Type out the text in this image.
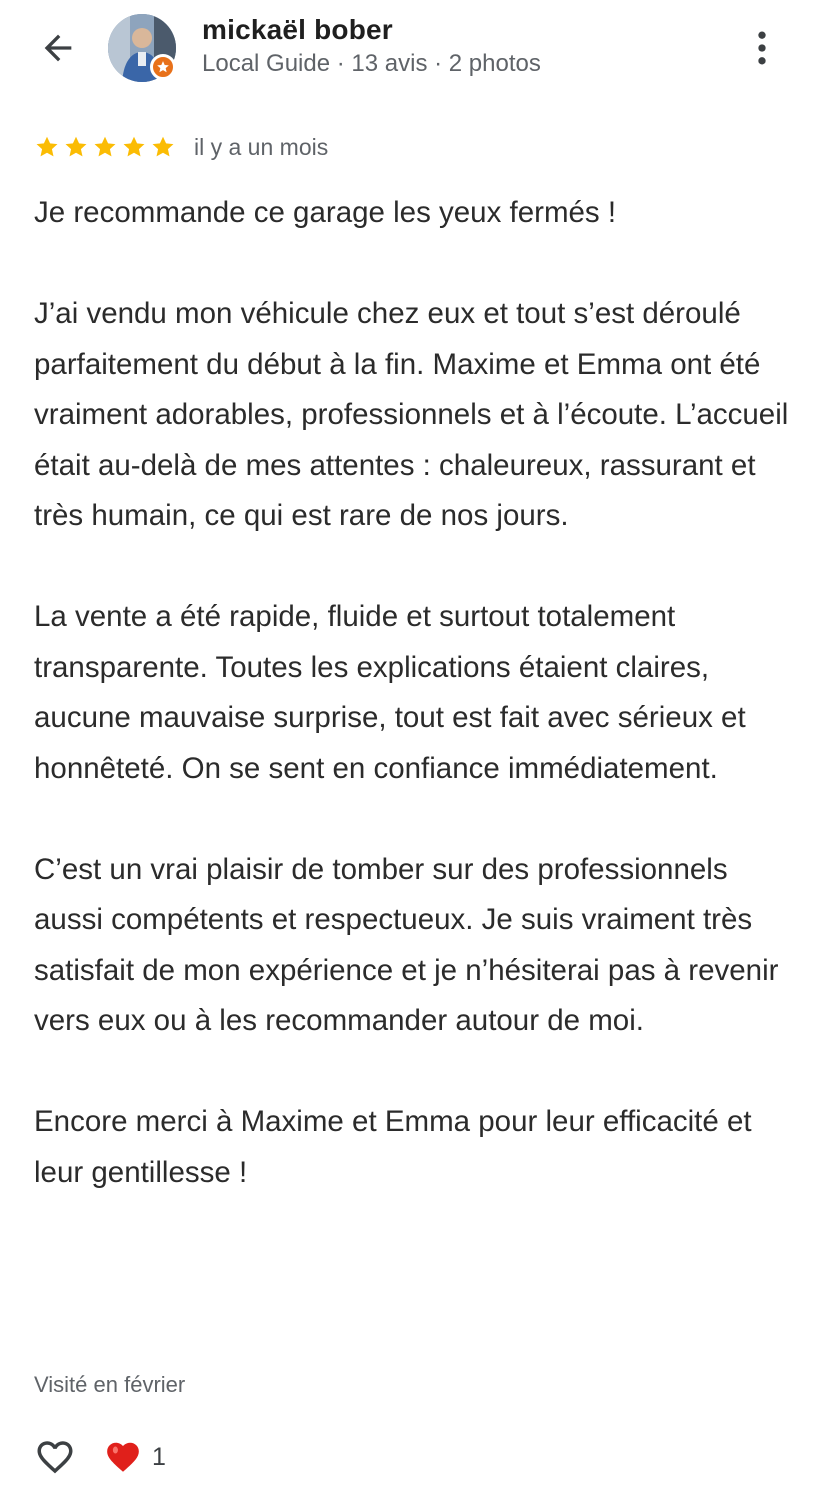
mickaël bober
Local Guide · 13 avis · 2 photos
il y a un mois

Je recommande ce garage les yeux fermés !

J’ai vendu mon véhicule chez eux et tout s’est déroulé parfaitement du début à la fin. Maxime et Emma ont été vraiment adorables, professionnels et à l’écoute. L’accueil était au-delà de mes attentes : chaleureux, rassurant et très humain, ce qui est rare de nos jours.

La vente a été rapide, fluide et surtout totalement transparente. Toutes les explications étaient claires, aucune mauvaise surprise, tout est fait avec sérieux et honnêteté. On se sent en confiance immédiatement.

C’est un vrai plaisir de tomber sur des professionnels aussi compétents et respectueux. Je suis vraiment très satisfait de mon expérience et je n’hésiterai pas à revenir vers eux ou à les recommander autour de moi.

Encore merci à Maxime et Emma pour leur efficacité et leur gentillesse !

Visité en février
1
